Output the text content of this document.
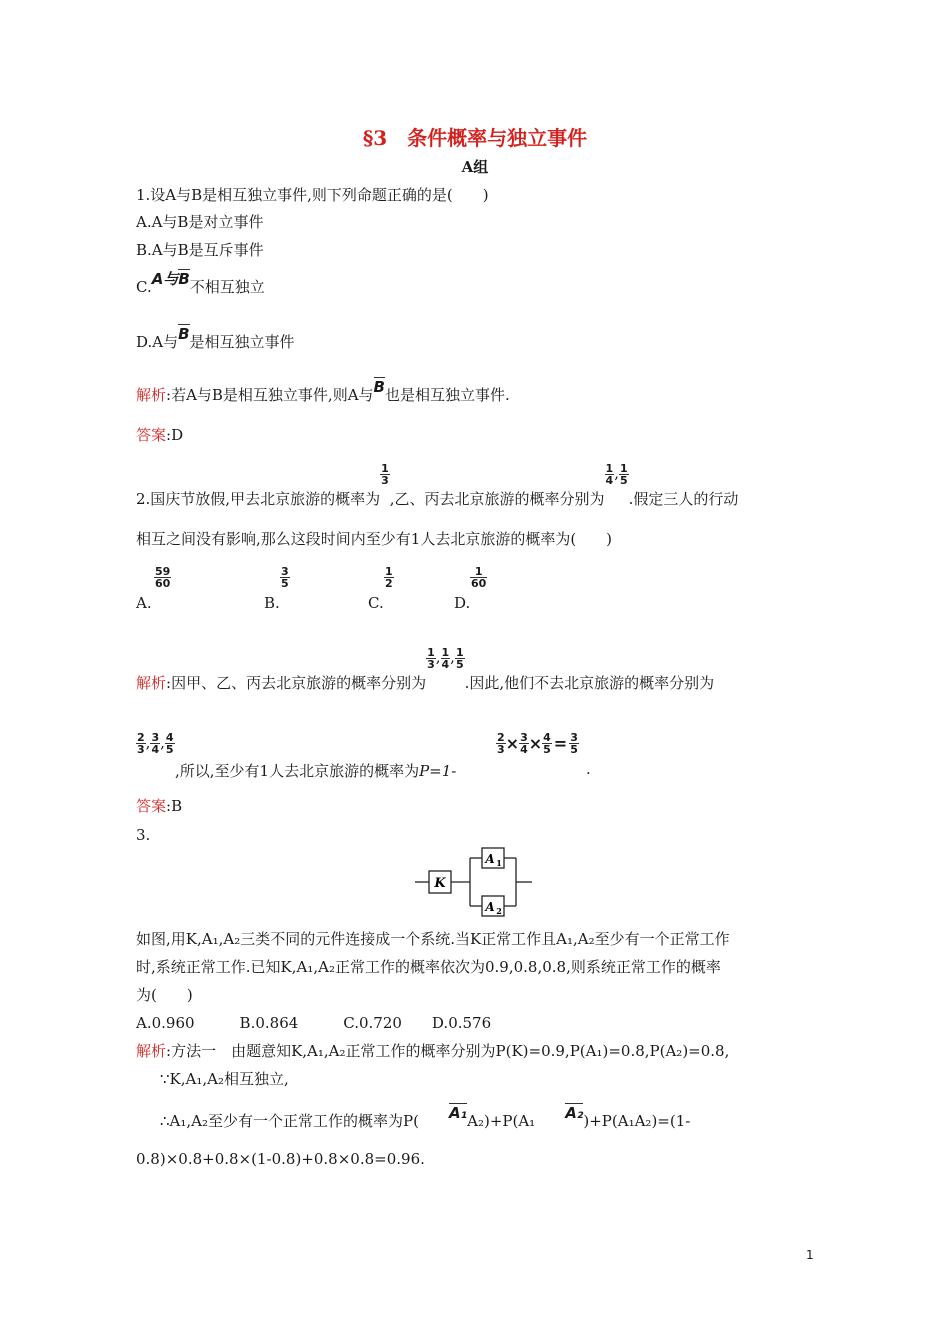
§3　条件概率与独立事件
A组
1.设A与B是相互独立事件,则下列命题正确的是(　　)
A.A与B是对立事件
B.A与B是互斥事件
C.A与B不相互独立
D.A与B是相互独立事件
解析:若A与B是相互独立事件,则A与B也是相互独立事件.
答案:D
2.国庆节放假,甲去北京旅游的概率为
$\frac{1}{3}$
,乙、丙去北京旅游的概率分别为
$\frac{1}{4}$ , $\frac{1}{5}$
.假定三人的行动
相互之间没有影响,那么这段时间内至少有1人去北京旅游的概率为(　　)
$\frac{59}{60}$
A.
$\frac{3}{5}$
B.
$\frac{1}{2}$
C.
$\frac{1}{60}$
D.
解析:因甲、乙、丙去北京旅游的概率分别为
$\frac{1}{3}$ , $\frac{1}{4}$ , $\frac{1}{5}$
.因此,他们不去北京旅游的概率分别为
$\frac{2}{3}$ , $\frac{3}{4}$ , $\frac{4}{5}$
,所以,至少有1人去北京旅游的概率为P=1-
$\frac{2}{3} \times \frac{3}{4} \times \frac{4}{5} = \frac{3}{5}$
.
答案:B
3.
K
A 1
A 2
如图,用K,A₁,A₂三类不同的元件连接成一个系统.当K正常工作且A₁,A₂至少有一个正常工作
时,系统正常工作.已知K,A₁,A₂正常工作的概率依次为0.9,0.8,0.8,则系统正常工作的概率
为(　　)
A.0.960　　　B.0.864　　　C.0.720　　D.0.576
解析:方法一　由题意知K,A₁,A₂正常工作的概率分别为P(K)=0.9,P(A₁)=0.8,P(A₂)=0.8,
∵K,A₁,A₂相互独立,
∴A₁,A₂至少有一个正常工作的概率为P( A₁A₂)+P(A₁ A₂)+P(A₁A₂)=(1-
0.8)×0.8+0.8×(1-0.8)+0.8×0.8=0.96.
1
